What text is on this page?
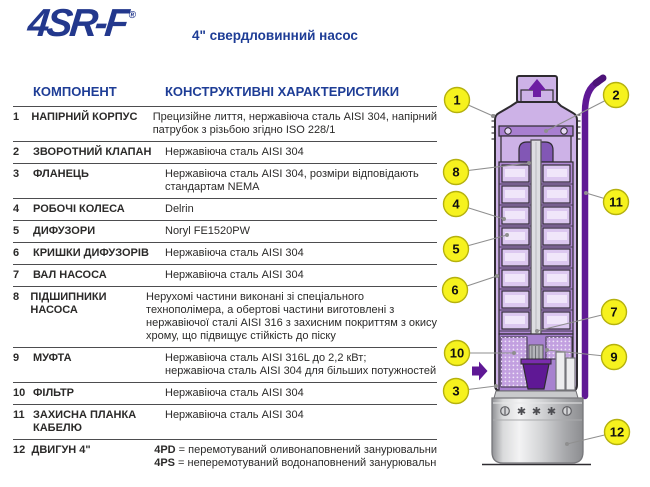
4SR-F®
4" свердловинний насос
КОМПОНЕНТ	КОНСТРУКТИВНІ ХАРАКТЕРИСТИКИ
1	НАПІРНИЙ КОРПУС	Прецизійне лиття, нержавіюча сталь AISI 304, напірний
патрубок з різьбою згідно ISO 228/1
2	ЗВОРОТНИЙ КЛАПАН	Нержавіюча сталь AISI 304
3	ФЛАНЕЦЬ	Нержавіюча сталь AISI 304, розміри відповідають
стандартам NEMA
4	РОБОЧІ КОЛЕСА	Delrin
5	ДИФУЗОРИ	Noryl FE1520PW
6	КРИШКИ ДИФУЗОРІВ	Нержавіюча сталь AISI 304
7	ВАЛ НАСОСА	Нержавіюча сталь AISI 304
8	ПІДШИПНИКИ НАСОСА
Нерухомі частини виконані зі спеціального
технополімера, а обертові частини виготовлені з
нержавіючої сталі AISI 316 з захисним покриттям з окису
хрому, що підвищує стійкість до піску
9	МУФТА	Нержавіюча сталь AISI 316L до 2,2 кВт;
нержавіюча сталь AISI 304 для більших потужностей
10 ФІЛЬТР	Нержавіюча сталь AISI 304
11 ЗАХИСНА ПЛАНКА КАБЕЛЮ
Нержавіюча сталь AISI 304
12 ДВИГУН 4"	4PD = перемотуваний оливонаповнений занурювальни
4PS = неперемотуваний водонаповнений занурювальн
1	2
8
11
4
5
6
7
10	9
3
12
